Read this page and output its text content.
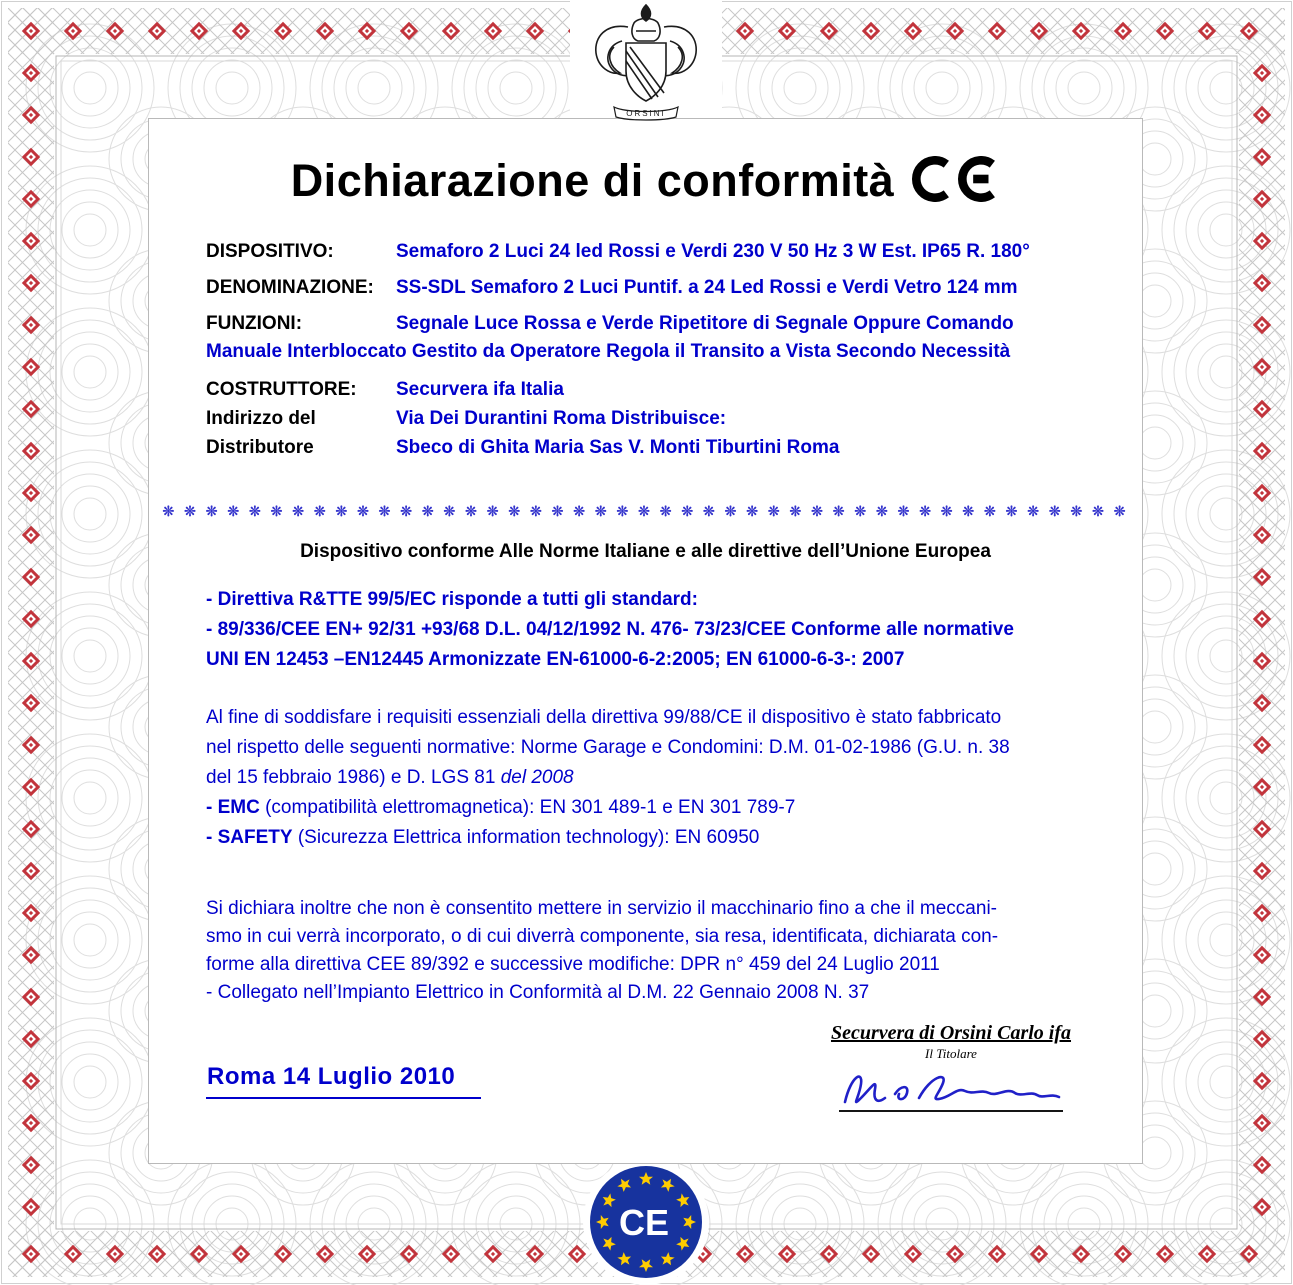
ORSINI
Dichiarazione di conformità
DISPOSITIVO:	Semaforo 2 Luci 24 led Rossi e Verdi 230 V 50 Hz 3 W Est. IP65 R. 180°
DENOMINAZIONE:	SS-SDL Semaforo 2 Luci Puntif. a 24 Led Rossi e Verdi Vetro 124 mm
FUNZIONI:	Segnale Luce Rossa e Verde Ripetitore di Segnale Oppure Comando
Manuale Interbloccato Gestito da Operatore Regola il Transito a Vista Secondo Necessità
COSTRUTTORE:	Securvera ifa Italia
Indirizzo del	Via Dei Durantini Roma Distribuisce:
Distributore	Sbeco di Ghita Maria Sas V. Monti Tiburtini Roma
❊ ❊ ❊ ❊ ❊ ❊ ❊ ❊ ❊ ❊ ❊ ❊ ❊ ❊ ❊ ❊ ❊ ❊ ❊ ❊ ❊ ❊ ❊ ❊ ❊ ❊ ❊ ❊ ❊ ❊ ❊ ❊ ❊ ❊ ❊ ❊ ❊ ❊ ❊ ❊ ❊ ❊ ❊ ❊ ❊
Dispositivo conforme Alle Norme Italiane e alle direttive dell’Unione Europea
- Direttiva R&TTE 99/5/EC risponde a tutti gli standard:
- 89/336/CEE EN+ 92/31 +93/68 D.L. 04/12/1992 N. 476- 73/23/CEE Conforme alle normative
UNI EN 12453 –EN12445 Armonizzate EN-61000-6-2:2005; EN 61000-6-3-: 2007
Al fine di soddisfare i requisiti essenziali della direttiva 99/88/CE il dispositivo è stato fabbricato
nel rispetto delle seguenti normative: Norme Garage e Condomini: D.M. 01-02-1986 (G.U. n. 38
del 15 febbraio 1986) e D. LGS 81 del 2008
- EMC (compatibilità elettromagnetica): EN 301 489-1 e EN 301 789-7
- SAFETY (Sicurezza Elettrica information technology): EN 60950
Si dichiara inoltre che non è consentito mettere in servizio il macchinario fino a che il meccani-
smo in cui verrà incorporato, o di cui diverrà componente, sia resa, identificata, dichiarata con-
forme alla direttiva CEE 89/392 e successive modifiche: DPR n° 459 del 24 Luglio 2011
- Collegato nell’Impianto Elettrico in Conformità al D.M. 22 Gennaio 2008 N. 37
Roma 14 Luglio 2010
Securvera di Orsini Carlo ifa
Il Titolare
CE
